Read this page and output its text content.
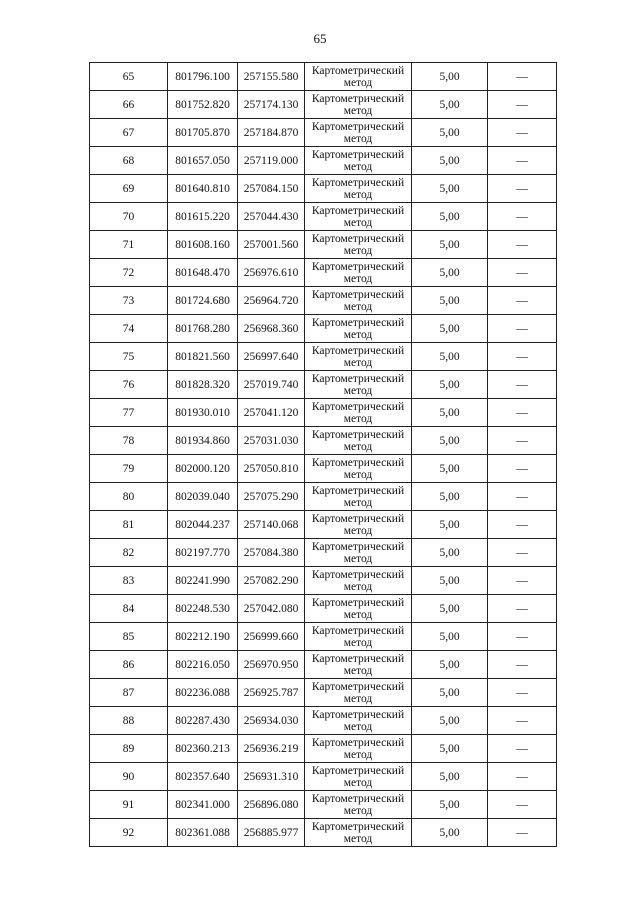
65
65	801796.100	257155.580	Картометрический метод	5,00	—
66	801752.820	257174.130	Картометрический метод	5,00	—
67	801705.870	257184.870	Картометрический метод	5,00	—
68	801657.050	257119.000	Картометрический метод	5,00	—
69	801640.810	257084.150	Картометрический метод	5,00	—
70	801615.220	257044.430	Картометрический метод	5,00	—
71	801608.160	257001.560	Картометрический метод	5,00	—
72	801648.470	256976.610	Картометрический метод	5,00	—
73	801724.680	256964.720	Картометрический метод	5,00	—
74	801768.280	256968.360	Картометрический метод	5,00	—
75	801821.560	256997.640	Картометрический метод	5,00	—
76	801828.320	257019.740	Картометрический метод	5,00	—
77	801930.010	257041.120	Картометрический метод	5,00	—
78	801934.860	257031.030	Картометрический метод	5,00	—
79	802000.120	257050.810	Картометрический метод	5,00	—
80	802039.040	257075.290	Картометрический метод	5,00	—
81	802044.237	257140.068	Картометрический метод	5,00	—
82	802197.770	257084.380	Картометрический метод	5,00	—
83	802241.990	257082.290	Картометрический метод	5,00	—
84	802248.530	257042.080	Картометрический метод	5,00	—
85	802212.190	256999.660	Картометрический метод	5,00	—
86	802216.050	256970.950	Картометрический метод	5,00	—
87	802236.088	256925.787	Картометрический метод	5,00	—
88	802287.430	256934.030	Картометрический метод	5,00	—
89	802360.213	256936.219	Картометрический метод	5,00	—
90	802357.640	256931.310	Картометрический метод	5,00	—
91	802341.000	256896.080	Картометрический метод	5,00	—
92	802361.088	256885.977	Картометрический метод	5,00	—
